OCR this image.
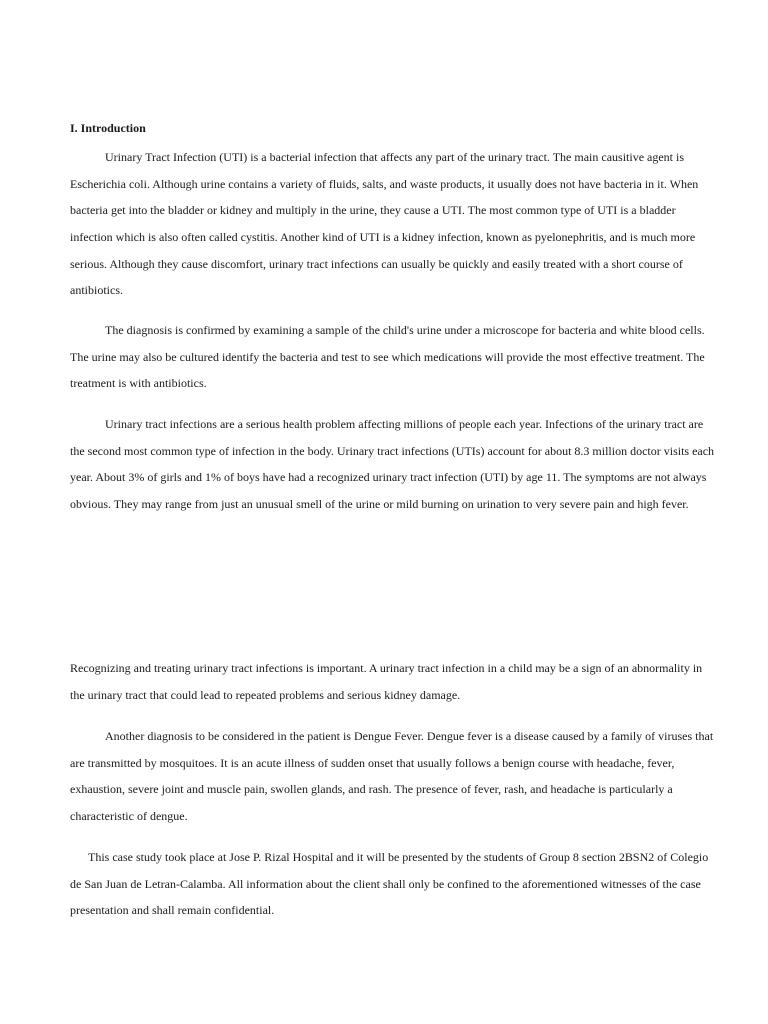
I. Introduction
Urinary Tract Infection (UTI) is a bacterial infection that affects any part of the urinary tract. The main causitive agent is
Escherichia coli. Although urine contains a variety of fluids, salts, and waste products, it usually does not have bacteria in it. When
bacteria get into the bladder or kidney and multiply in the urine, they cause a UTI. The most common type of UTI is a bladder
infection which is also often called cystitis. Another kind of UTI is a kidney infection, known as pyelonephritis, and is much more
serious. Although they cause discomfort, urinary tract infections can usually be quickly and easily treated with a short course of
antibiotics.
The diagnosis is confirmed by examining a sample of the child's urine under a microscope for bacteria and white blood cells.
The urine may also be cultured identify the bacteria and test to see which medications will provide the most effective treatment. The
treatment is with antibiotics.
Urinary tract infections are a serious health problem affecting millions of people each year. Infections of the urinary tract are
the second most common type of infection in the body. Urinary tract infections (UTIs) account for about 8.3 million doctor visits each
year. About 3% of girls and 1% of boys have had a recognized urinary tract infection (UTI) by age 11. The symptoms are not always
obvious. They may range from just an unusual smell of the urine or mild burning on urination to very severe pain and high fever.
Recognizing and treating urinary tract infections is important. A urinary tract infection in a child may be a sign of an abnormality in
the urinary tract that could lead to repeated problems and serious kidney damage.
Another diagnosis to be considered in the patient is Dengue Fever. Dengue fever is a disease caused by a family of viruses that
are transmitted by mosquitoes. It is an acute illness of sudden onset that usually follows a benign course with headache, fever,
exhaustion, severe joint and muscle pain, swollen glands, and rash. The presence of fever, rash, and headache is particularly a
characteristic of dengue.
This case study took place at Jose P. Rizal Hospital and it will be presented by the students of Group 8 section 2BSN2 of Colegio
de San Juan de Letran-Calamba. All information about the client shall only be confined to the aforementioned witnesses of the case
presentation and shall remain confidential.
